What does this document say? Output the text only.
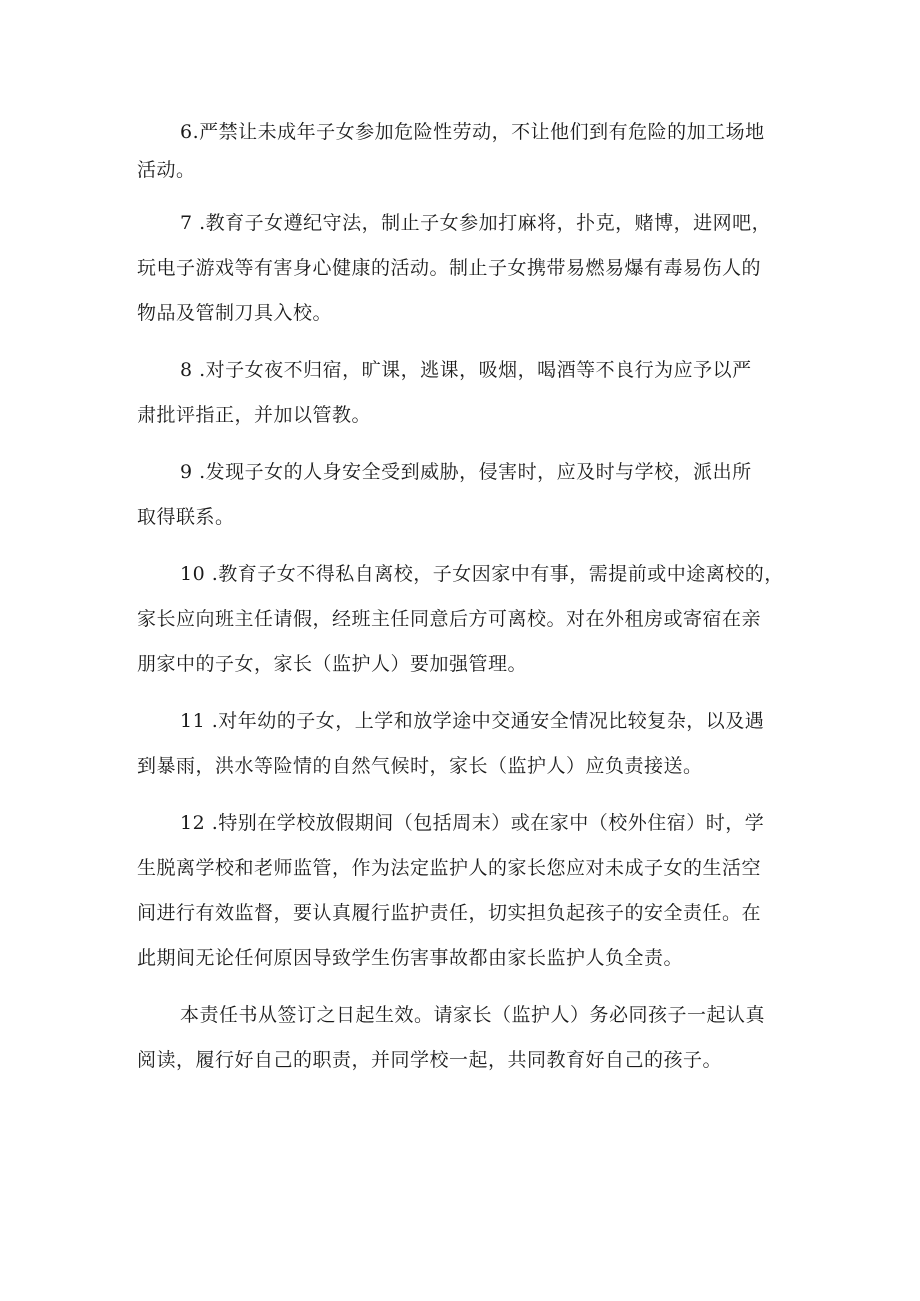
6.严禁让未成年子女参加危险性劳动，不让他们到有危险的加工场地
活动。

7 .教育子女遵纪守法，制止子女参加打麻将，扑克，赌博，进网吧，
玩电子游戏等有害身心健康的活动。制止子女携带易燃易爆有毒易伤人的
物品及管制刀具入校。

8 .对子女夜不归宿，旷课，逃课，吸烟，喝酒等不良行为应予以严
肃批评指正，并加以管教。

9 .发现子女的人身安全受到威胁，侵害时，应及时与学校，派出所
取得联系。

10 .教育子女不得私自离校，子女因家中有事，需提前或中途离校的，
家长应向班主任请假，经班主任同意后方可离校。对在外租房或寄宿在亲
朋家中的子女，家长（监护人）要加强管理。

11 .对年幼的子女，上学和放学途中交通安全情况比较复杂，以及遇
到暴雨，洪水等险情的自然气候时，家长（监护人）应负责接送。

12 .特别在学校放假期间（包括周末）或在家中（校外住宿）时，学
生脱离学校和老师监管，作为法定监护人的家长您应对未成子女的生活空
间进行有效监督，要认真履行监护责任，切实担负起孩子的安全责任。在
此期间无论任何原因导致学生伤害事故都由家长监护人负全责。

本责任书从签订之日起生效。请家长（监护人）务必同孩子一起认真
阅读，履行好自己的职责，并同学校一起，共同教育好自己的孩子。
